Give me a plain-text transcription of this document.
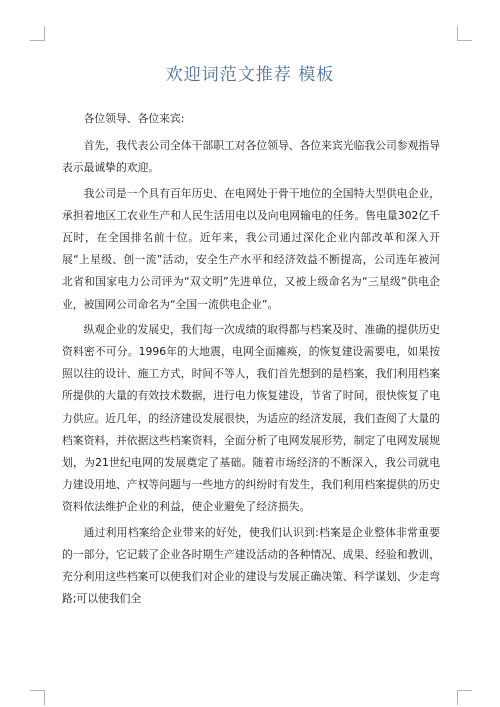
欢迎词范文推荐 模板

各位领导、各位来宾:

首先，我代表公司全体干部职工对各位领导、各位来宾光临我公司参观指导表示最诚挚的欢迎。

我公司是一个具有百年历史、在电网处于骨干地位的全国特大型供电企业，承担着地区工农业生产和人民生活用电以及向电网输电的任务。售电量302亿千瓦时，在全国排名前十位。近年来，我公司通过深化企业内部改革和深入开展“上星级、创一流”活动，安全生产水平和经济效益不断提高，公司连年被河北省和国家电力公司评为“双文明”先进单位，又被上级命名为“三星级”供电企业，被国网公司命名为“全国一流供电企业”。

纵观企业的发展史，我们每一次成绩的取得都与档案及时、准确的提供历史资料密不可分。1996年的大地震，电网全面瘫痪，的恢复建设需要电，如果按照以往的设计、施工方式，时间不等人，我们首先想到的是档案，我们利用档案所提供的大量的有效技术数据，进行电力恢复建设，节省了时间，很快恢复了电力供应。近几年，的经济建设发展很快，为适应的经济发展，我们查阅了大量的档案资料，并依据这些档案资料，全面分析了电网发展形势，制定了电网发展规划，为21世纪电网的发展奠定了基础。随着市场经济的不断深入，我公司就电力建设用地、产权等问题与一些地方的纠纷时有发生，我们利用档案提供的历史资料依法维护企业的利益，使企业避免了经济损失。

通过利用档案给企业带来的好处，使我们认识到:档案是企业整体非常重要的一部分，它记载了企业各时期生产建设活动的各种情况、成果、经验和教训，充分利用这些档案可以使我们对企业的建设与发展正确决策、科学谋划、少走弯路;可以使我们全
